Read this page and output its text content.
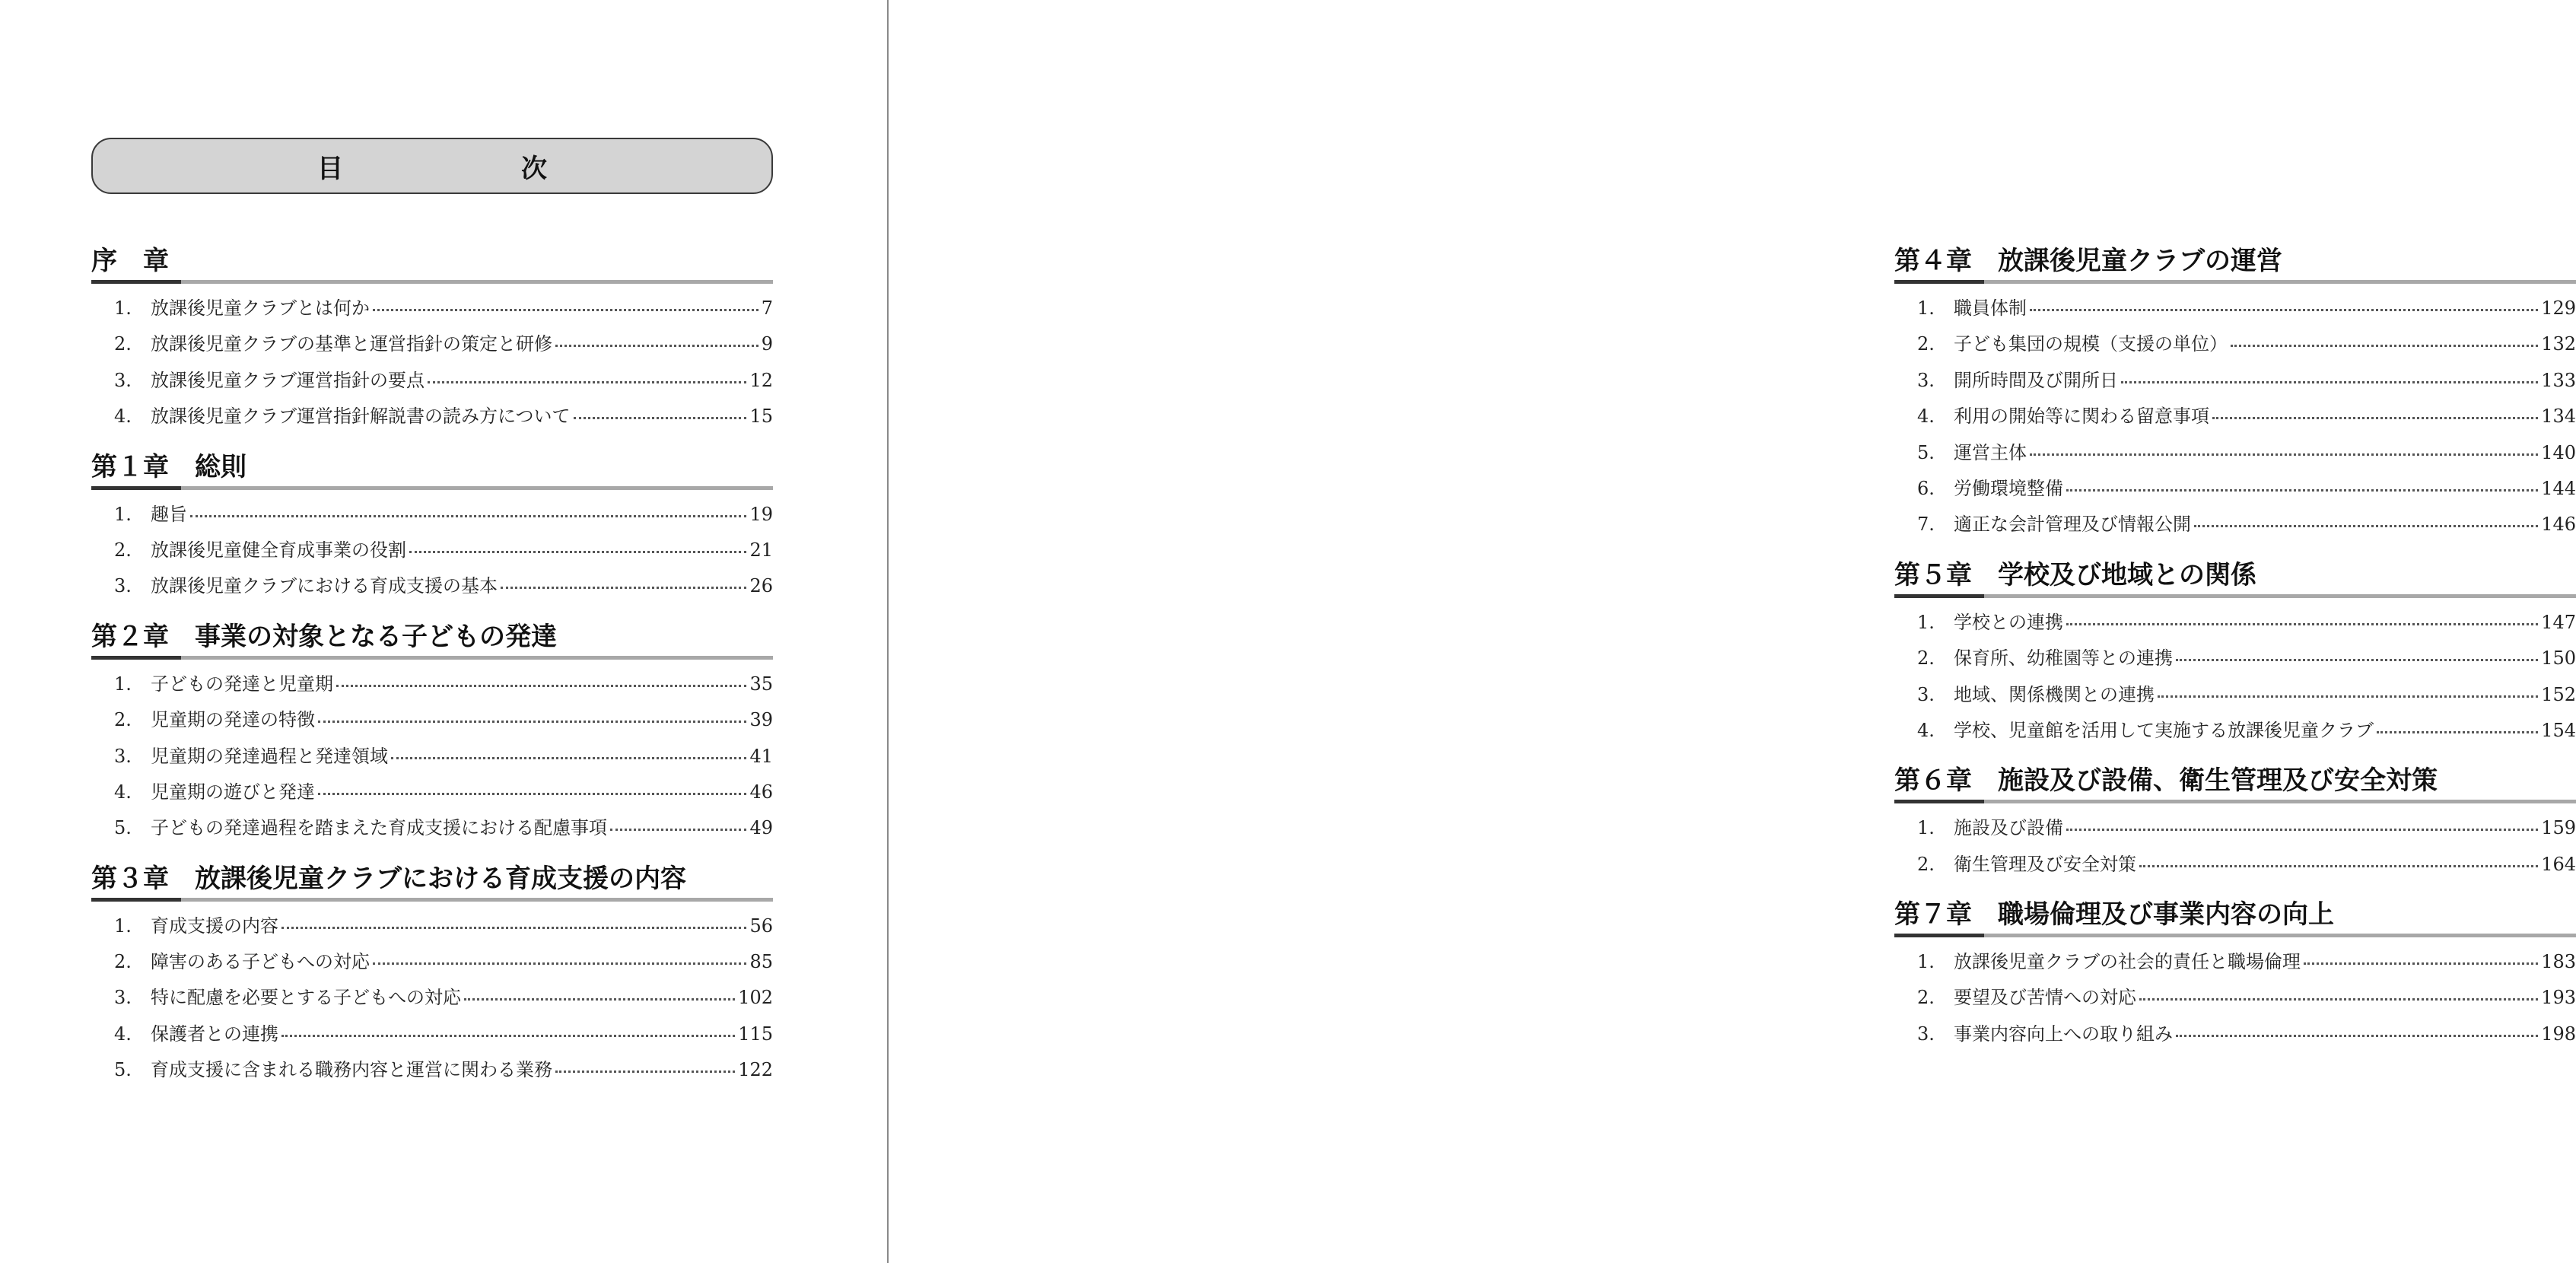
目　次
序　章
1.	放課後児童クラブとは何か	7
2.	放課後児童クラブの基準と運営指針の策定と研修	9
3.	放課後児童クラブ運営指針の要点	12
4.	放課後児童クラブ運営指針解説書の読み方について	15
第１章 総則
1.	趣旨	19
2.	放課後児童健全育成事業の役割	21
3.	放課後児童クラブにおける育成支援の基本	26
第２章 事業の対象となる子どもの発達
1.	子どもの発達と児童期	35
2.	児童期の発達の特徴	39
3.	児童期の発達過程と発達領域	41
4.	児童期の遊びと発達	46
5.	子どもの発達過程を踏まえた育成支援における配慮事項	49
第３章 放課後児童クラブにおける育成支援の内容
1.	育成支援の内容	56
2.	障害のある子どもへの対応	85
3.	特に配慮を必要とする子どもへの対応	102
4.	保護者との連携	115
5.	育成支援に含まれる職務内容と運営に関わる業務	122
第４章 放課後児童クラブの運営
1.	職員体制	129
2.	子ども集団の規模（支援の単位）	132
3.	開所時間及び開所日	133
4.	利用の開始等に関わる留意事項	134
5.	運営主体	140
6.	労働環境整備	144
7.	適正な会計管理及び情報公開	146
第５章 学校及び地域との関係
1.	学校との連携	147
2.	保育所、幼稚園等との連携	150
3.	地域、関係機関との連携	152
4.	学校、児童館を活用して実施する放課後児童クラブ	154
第６章 施設及び設備、衛生管理及び安全対策
1.	施設及び設備	159
2.	衛生管理及び安全対策	164
第７章 職場倫理及び事業内容の向上
1.	放課後児童クラブの社会的責任と職場倫理	183
2.	要望及び苦情への対応	193
3.	事業内容向上への取り組み	198
